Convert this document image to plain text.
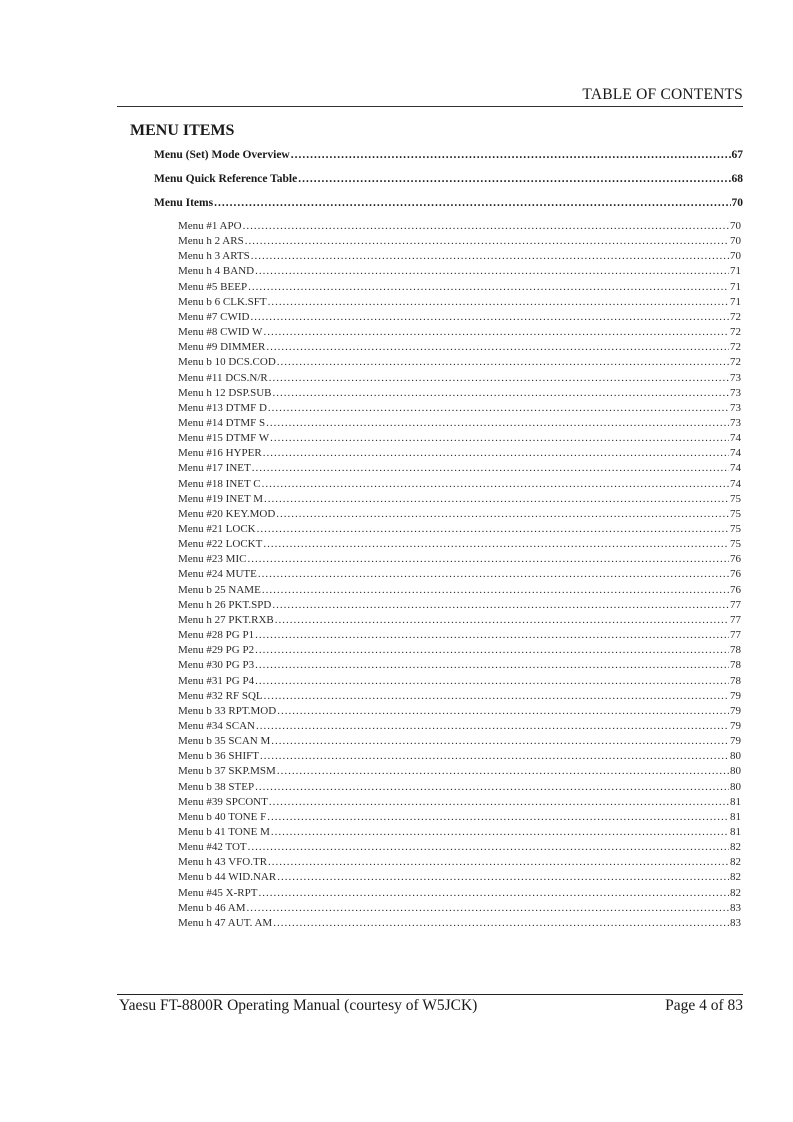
TABLE OF CONTENTS
MENU ITEMS
Menu (Set) Mode Overview .....	67
Menu Quick Reference Table .....	68
Menu Items .....	70
Menu #1 APO .....	70
Menu h 2 ARS .....	70
Menu h 3 ARTS .....	70
Menu h 4 BAND .....	71
Menu #5 BEEP .....	71
Menu b 6 CLK.SFT .....	71
Menu #7 CWID .....	72
Menu #8 CWID W .....	72
Menu #9 DIMMER .....	72
Menu b 10 DCS.COD .....	72
Menu #11 DCS.N/R .....	73
Menu h 12 DSP.SUB .....	73
Menu #13 DTMF D .....	73
Menu #14 DTMF S .....	73
Menu #15 DTMF W .....	74
Menu #16 HYPER .....	74
Menu #17 INET .....	74
Menu #18 INET C .....	74
Menu #19 INET M .....	75
Menu #20 KEY.MOD .....	75
Menu #21 LOCK .....	75
Menu #22 LOCKT .....	75
Menu #23 MIC .....	76
Menu #24 MUTE .....	76
Menu b 25 NAME .....	76
Menu h 26 PKT.SPD .....	77
Menu h 27 PKT.RXB .....	77
Menu #28 PG P1 .....	77
Menu #29 PG P2 .....	78
Menu #30 PG P3 .....	78
Menu #31 PG P4 .....	78
Menu #32 RF SQL .....	79
Menu b 33 RPT.MOD .....	79
Menu #34 SCAN .....	79
Menu b 35 SCAN M .....	79
Menu b 36 SHIFT .....	80
Menu b 37 SKP.MSM .....	80
Menu b 38 STEP .....	80
Menu #39 SPCONT .....	81
Menu b 40 TONE F .....	81
Menu b 41 TONE M .....	81
Menu #42 TOT .....	82
Menu h 43 VFO.TR .....	82
Menu b 44 WID.NAR .....	82
Menu #45 X-RPT .....	82
Menu b 46 AM .....	83
Menu h 47 AUT. AM .....	83
Yaesu FT-8800R Operating Manual (courtesy of W5JCK)	Page 4 of 83
